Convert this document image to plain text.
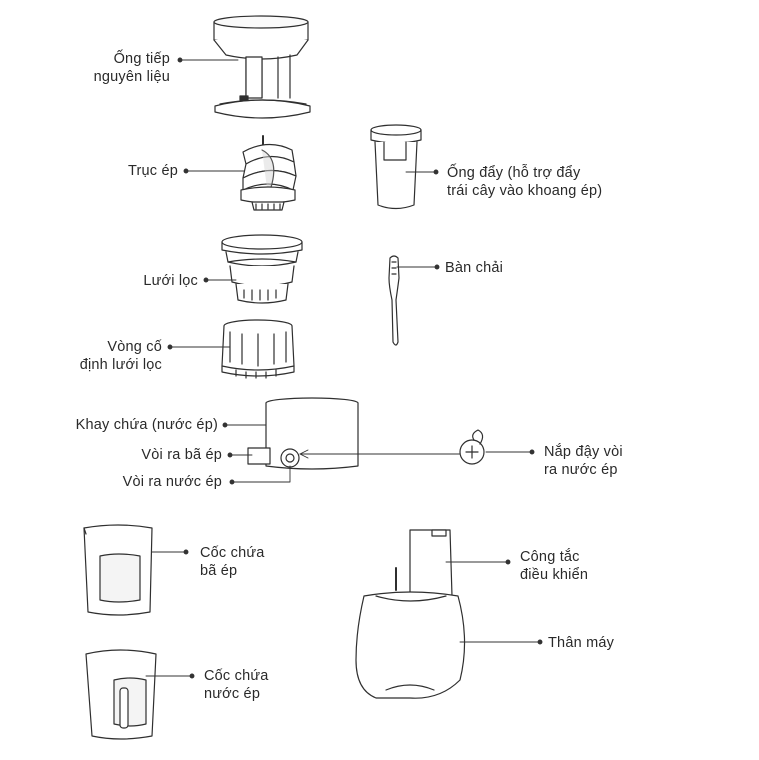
Ống tiếp
nguyên liệu
Trục ép	Ống đẩy (hỗ trợ đẩy
trái cây vào khoang ép)
Lưới lọc
Bàn chải
Vòng cố
định lưới lọc
Khay chứa (nước ép)
Vòi ra bã ép
Vòi ra nước ép
Nắp đậy vòi
ra nước ép
Cốc chứa
bã ép
Công tắc
điều khiển
Thân máy
Cốc chứa
nước ép
